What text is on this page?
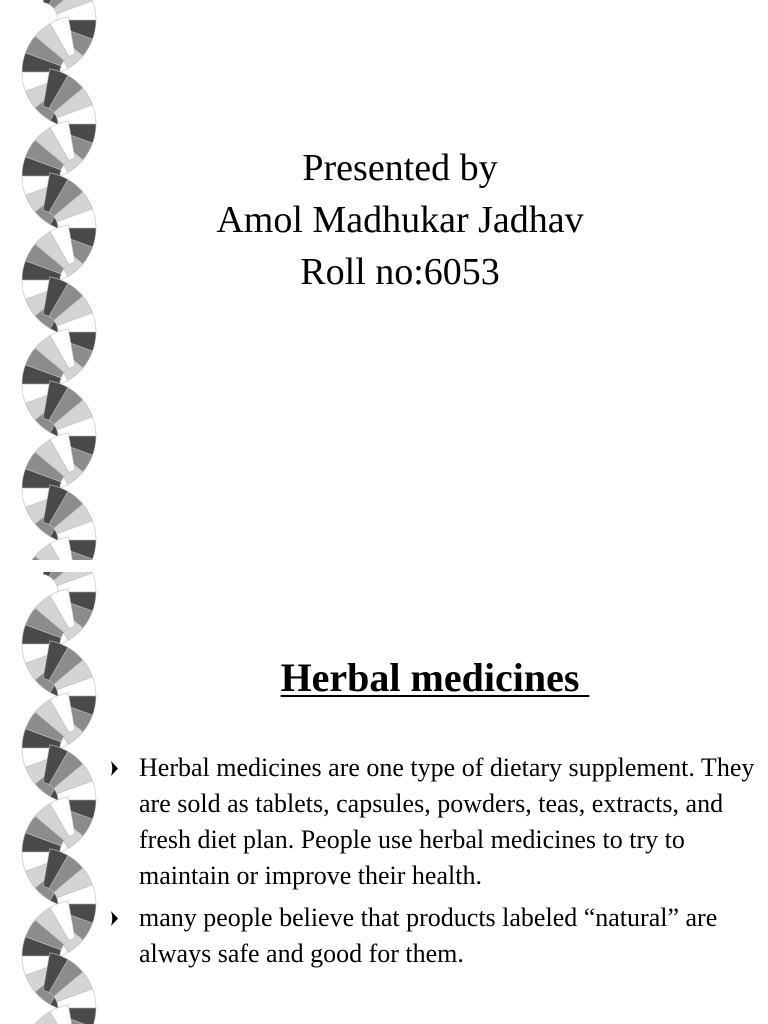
Presented by
Amol Madhukar Jadhav
Roll no:6053
Herbal medicines
Herbal medicines are one type of dietary supplement. They are sold as tablets, capsules, powders, teas, extracts, and fresh diet plan. People use herbal medicines to try to maintain or improve their health.
many people believe that products labeled “natural” are always safe and good for them.
